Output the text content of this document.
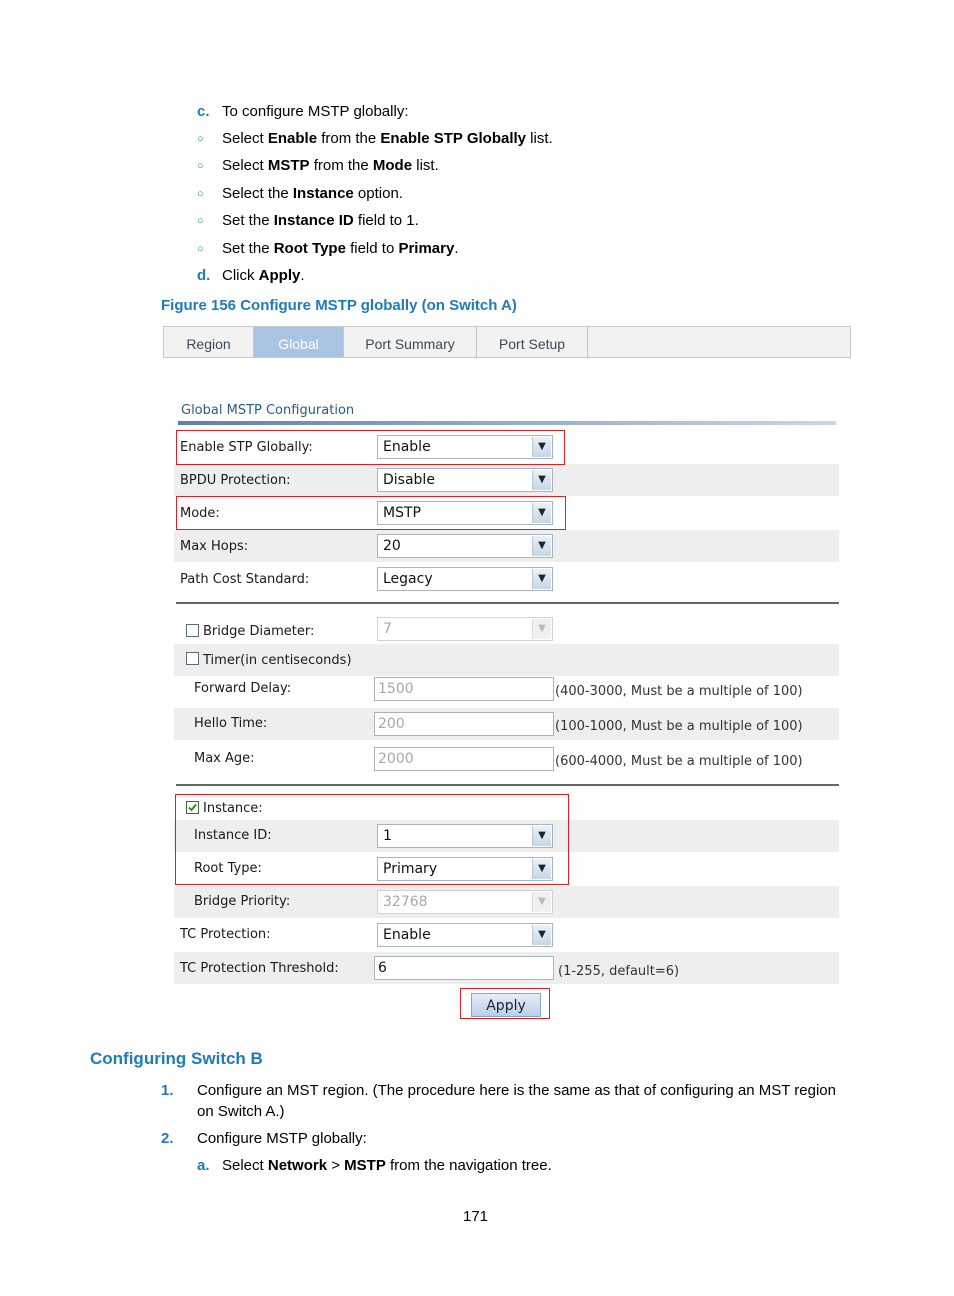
c. To configure MSTP globally:
○ Select Enable from the Enable STP Globally list.
○ Select MSTP from the Mode list.
○ Select the Instance option.
○ Set the Instance ID field to 1.
○ Set the Root Type field to Primary.
d. Click Apply.
Figure 156 Configure MSTP globally (on Switch A)
Region	Global	Port Summary	Port Setup
Global MSTP Configuration
Enable STP Globally:	Enable	▼
BPDU Protection:	Disable	▼
Mode:	MSTP	▼
Max Hops:	20	▼
Path Cost Standard:	Legacy	▼
Bridge Diameter:	7	▼
Timer(in centiseconds)
Forward Delay:	1500	(400-3000, Must be a multiple of 100)
Hello Time:	200	(100-1000, Must be a multiple of 100)
Max Age:	2000	(600-4000, Must be a multiple of 100)
Instance:
Instance ID:	1	▼
Root Type:	Primary	▼
Bridge Priority:	32768	▼
TC Protection:	Enable	▼
TC Protection Threshold:	6	(1-255, default=6)
Apply
Configuring Switch B
1. Configure an MST region. (The procedure here is the same as that of configuring an MST region
on Switch A.)
2. Configure MSTP globally:
a. Select Network > MSTP from the navigation tree.
171
